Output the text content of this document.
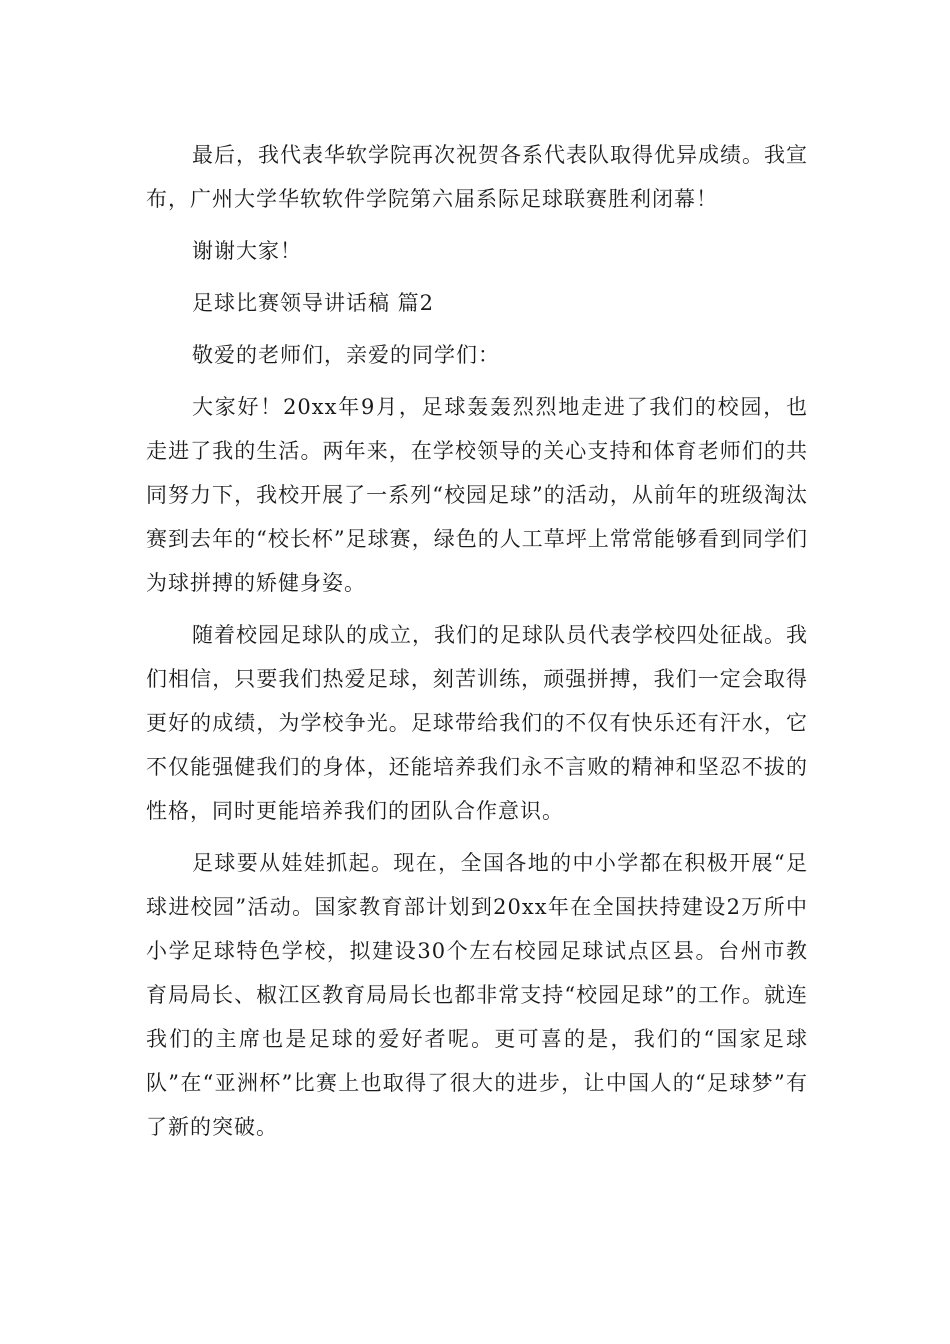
最后，我代表华软学院再次祝贺各系代表队取得优异成绩。我宣布，广州大学华软软件学院第六届系际足球联赛胜利闭幕！

谢谢大家！

足球比赛领导讲话稿 篇2

敬爱的老师们，亲爱的同学们：

大家好！20xx年9月，足球轰轰烈烈地走进了我们的校园，也走进了我的生活。两年来，在学校领导的关心支持和体育老师们的共同努力下，我校开展了一系列“校园足球”的活动，从前年的班级淘汰赛到去年的“校长杯”足球赛，绿色的人工草坪上常常能够看到同学们为球拼搏的矫健身姿。

随着校园足球队的成立，我们的足球队员代表学校四处征战。我们相信，只要我们热爱足球，刻苦训练，顽强拼搏，我们一定会取得更好的成绩，为学校争光。足球带给我们的不仅有快乐还有汗水，它不仅能强健我们的身体，还能培养我们永不言败的精神和坚忍不拔的性格，同时更能培养我们的团队合作意识。

足球要从娃娃抓起。现在，全国各地的中小学都在积极开展“足球进校园”活动。国家教育部计划到20xx年在全国扶持建设2万所中小学足球特色学校，拟建设30个左右校园足球试点区县。台州市教育局局长、椒江区教育局局长也都非常支持“校园足球”的工作。就连我们的主席也是足球的爱好者呢。更可喜的是，我们的“国家足球队”在“亚洲杯”比赛上也取得了很大的进步，让中国人的“足球梦”有了新的突破。
